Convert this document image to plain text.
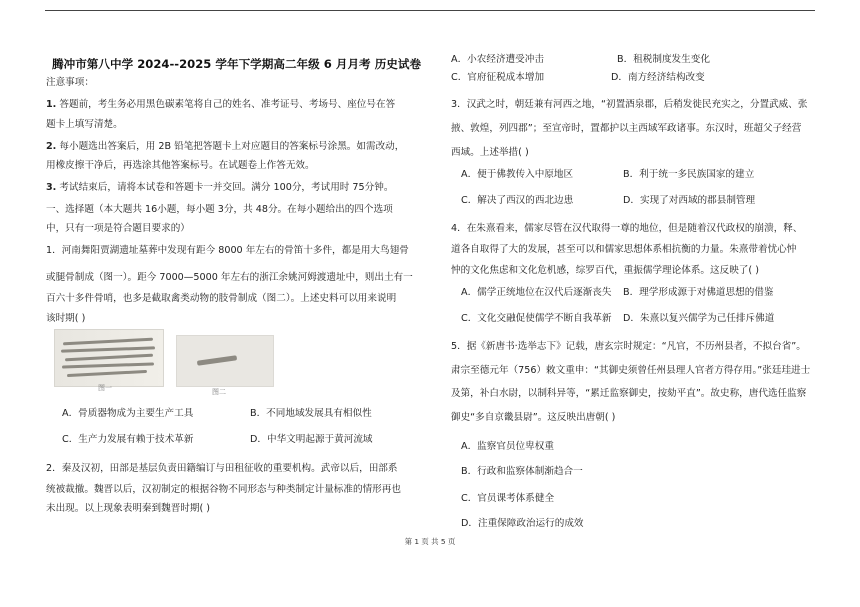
腾冲市第八中学 2024--2025 学年下学期高二年级 6 月月考 历史试卷
注意事项：
1. 答题前，考生务必用黑色碳素笔将自己的姓名、准考证号、考场号、座位号在答
题卡上填写清楚。
2. 每小题选出答案后，用 2B 铅笔把答题卡上对应题目的答案标号涂黑。如需改动，
用橡皮擦干净后，再选涂其他答案标号。在试题卷上作答无效。
3. 考试结束后，请将本试卷和答题卡一并交回。满分 100分，考试用时 75分钟。
一、选择题（本大题共 16小题，每小题 3分，共 48分。在每小题给出的四个选项
中，只有一项是符合题目要求的）
1．河南舞阳贾湖遗址墓葬中发现有距今 8000 年左右的骨笛十多件，都是用大鸟翅骨
或腿骨制成（图一）。距今 7000—5000 年左右的浙江余姚河姆渡遗址中，则出土有一
百六十多件骨哨，也多是截取禽类动物的肢骨制成（图二）。上述史料可以用来说明
该时期( )
图一	图二
A．骨质器物成为主要生产工具	B．不同地域发展具有相似性
C．生产力发展有赖于技术革新	D．中华文明起源于黄河流域
2．秦及汉初，田部是基层负责田籍编订与田租征收的重要机构。武帝以后，田部系
统被裁撤。魏晋以后，汉初制定的根据谷物不同形态与种类制定计量标准的情形再也
未出现。以上现象表明秦到魏晋时期( )
A．小农经济遭受冲击	B．租税制度发生变化
C．官府征税成本增加	D．南方经济结构改变
3．汉武之时，朝廷兼有河西之地，“初置酒泉郡，后稍发徙民充实之，分置武威、张
掖、敦煌，列四郡”；至宣帝时，置都护以主西域军政诸事。东汉时，班超父子经营
西域。上述举措( )
A．便于佛教传入中原地区	B．利于统一多民族国家的建立
C．解决了西汉的西北边患	D．实现了对西域的郡县制管理
4．在朱熹看来，儒家尽管在汉代取得一尊的地位，但是随着汉代政权的崩溃，释、
道各自取得了大的发展，甚至可以和儒家思想体系相抗衡的力量。朱熹带着忧心忡
忡的文化焦虑和文化危机感，综罗百代，重振儒学理论体系。这反映了( )
A．儒学正统地位在汉代后逐渐丧失 B．理学形成源于对佛道思想的借鉴
C．文化交融促使儒学不断自我革新 D．朱熹以复兴儒学为己任排斥佛道
5．据《新唐书·选举志下》记载，唐玄宗时规定：“凡官，不历州县者，不拟台省”。
肃宗至德元年（756）敕文重申：“其御史须曾任州县理人官者方得存用。”张廷珪进士
及第，补白水尉，以制科异等，“累迁监察御史，按劾平直”。故史称，唐代选任监察
御史“多自京畿县尉”。这反映出唐朝( )
A．监察官员位卑权重
B．行政和监察体制渐趋合一
C．官员课考体系健全
D．注重保障政治运行的成效
第 1 页 共 5 页
